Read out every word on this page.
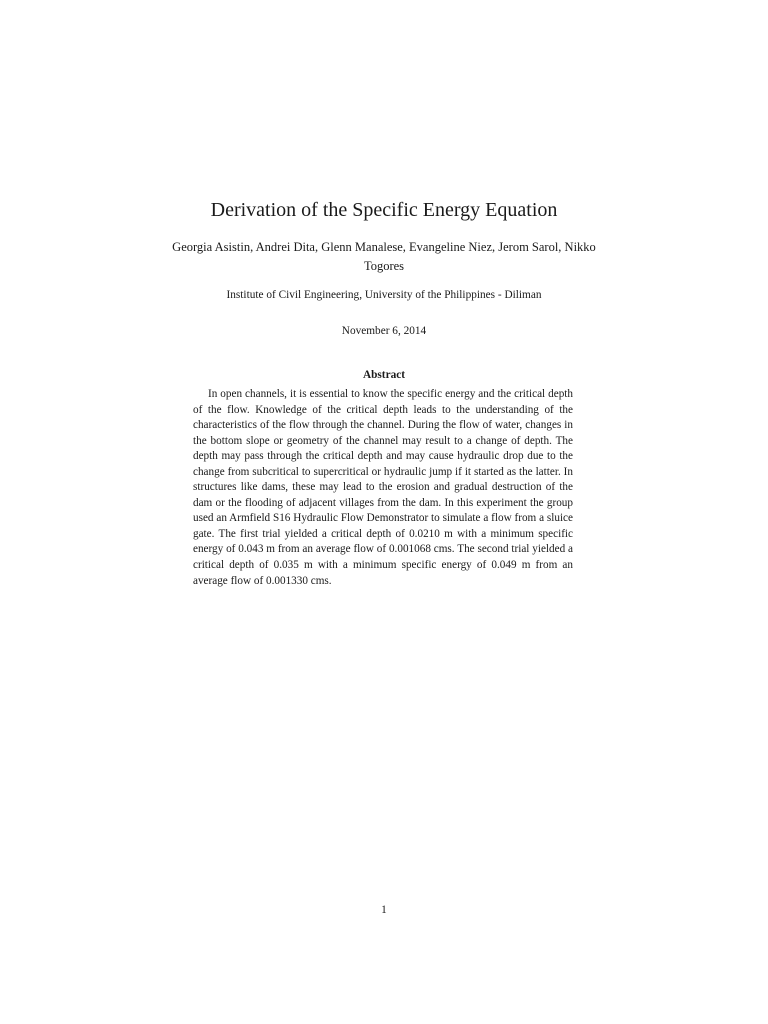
Derivation of the Specific Energy Equation
Georgia Asistin, Andrei Dita, Glenn Manalese, Evangeline Niez, Jerom Sarol, Nikko Togores
Institute of Civil Engineering, University of the Philippines - Diliman
November 6, 2014
Abstract

In open channels, it is essential to know the specific energy and the critical depth of the flow. Knowledge of the critical depth leads to the understanding of the characteristics of the flow through the channel. During the flow of water, changes in the bottom slope or geometry of the channel may result to a change of depth. The depth may pass through the critical depth and may cause hydraulic drop due to the change from subcritical to supercritical or hydraulic jump if it started as the latter. In structures like dams, these may lead to the erosion and gradual destruction of the dam or the flooding of adjacent villages from the dam. In this experiment the group used an Armfield S16 Hydraulic Flow Demonstrator to simulate a flow from a sluice gate. The first trial yielded a critical depth of 0.0210 m with a minimum specific energy of 0.043 m from an average flow of 0.001068 cms. The second trial yielded a critical depth of 0.035 m with a minimum specific energy of 0.049 m from an average flow of 0.001330 cms.

1
